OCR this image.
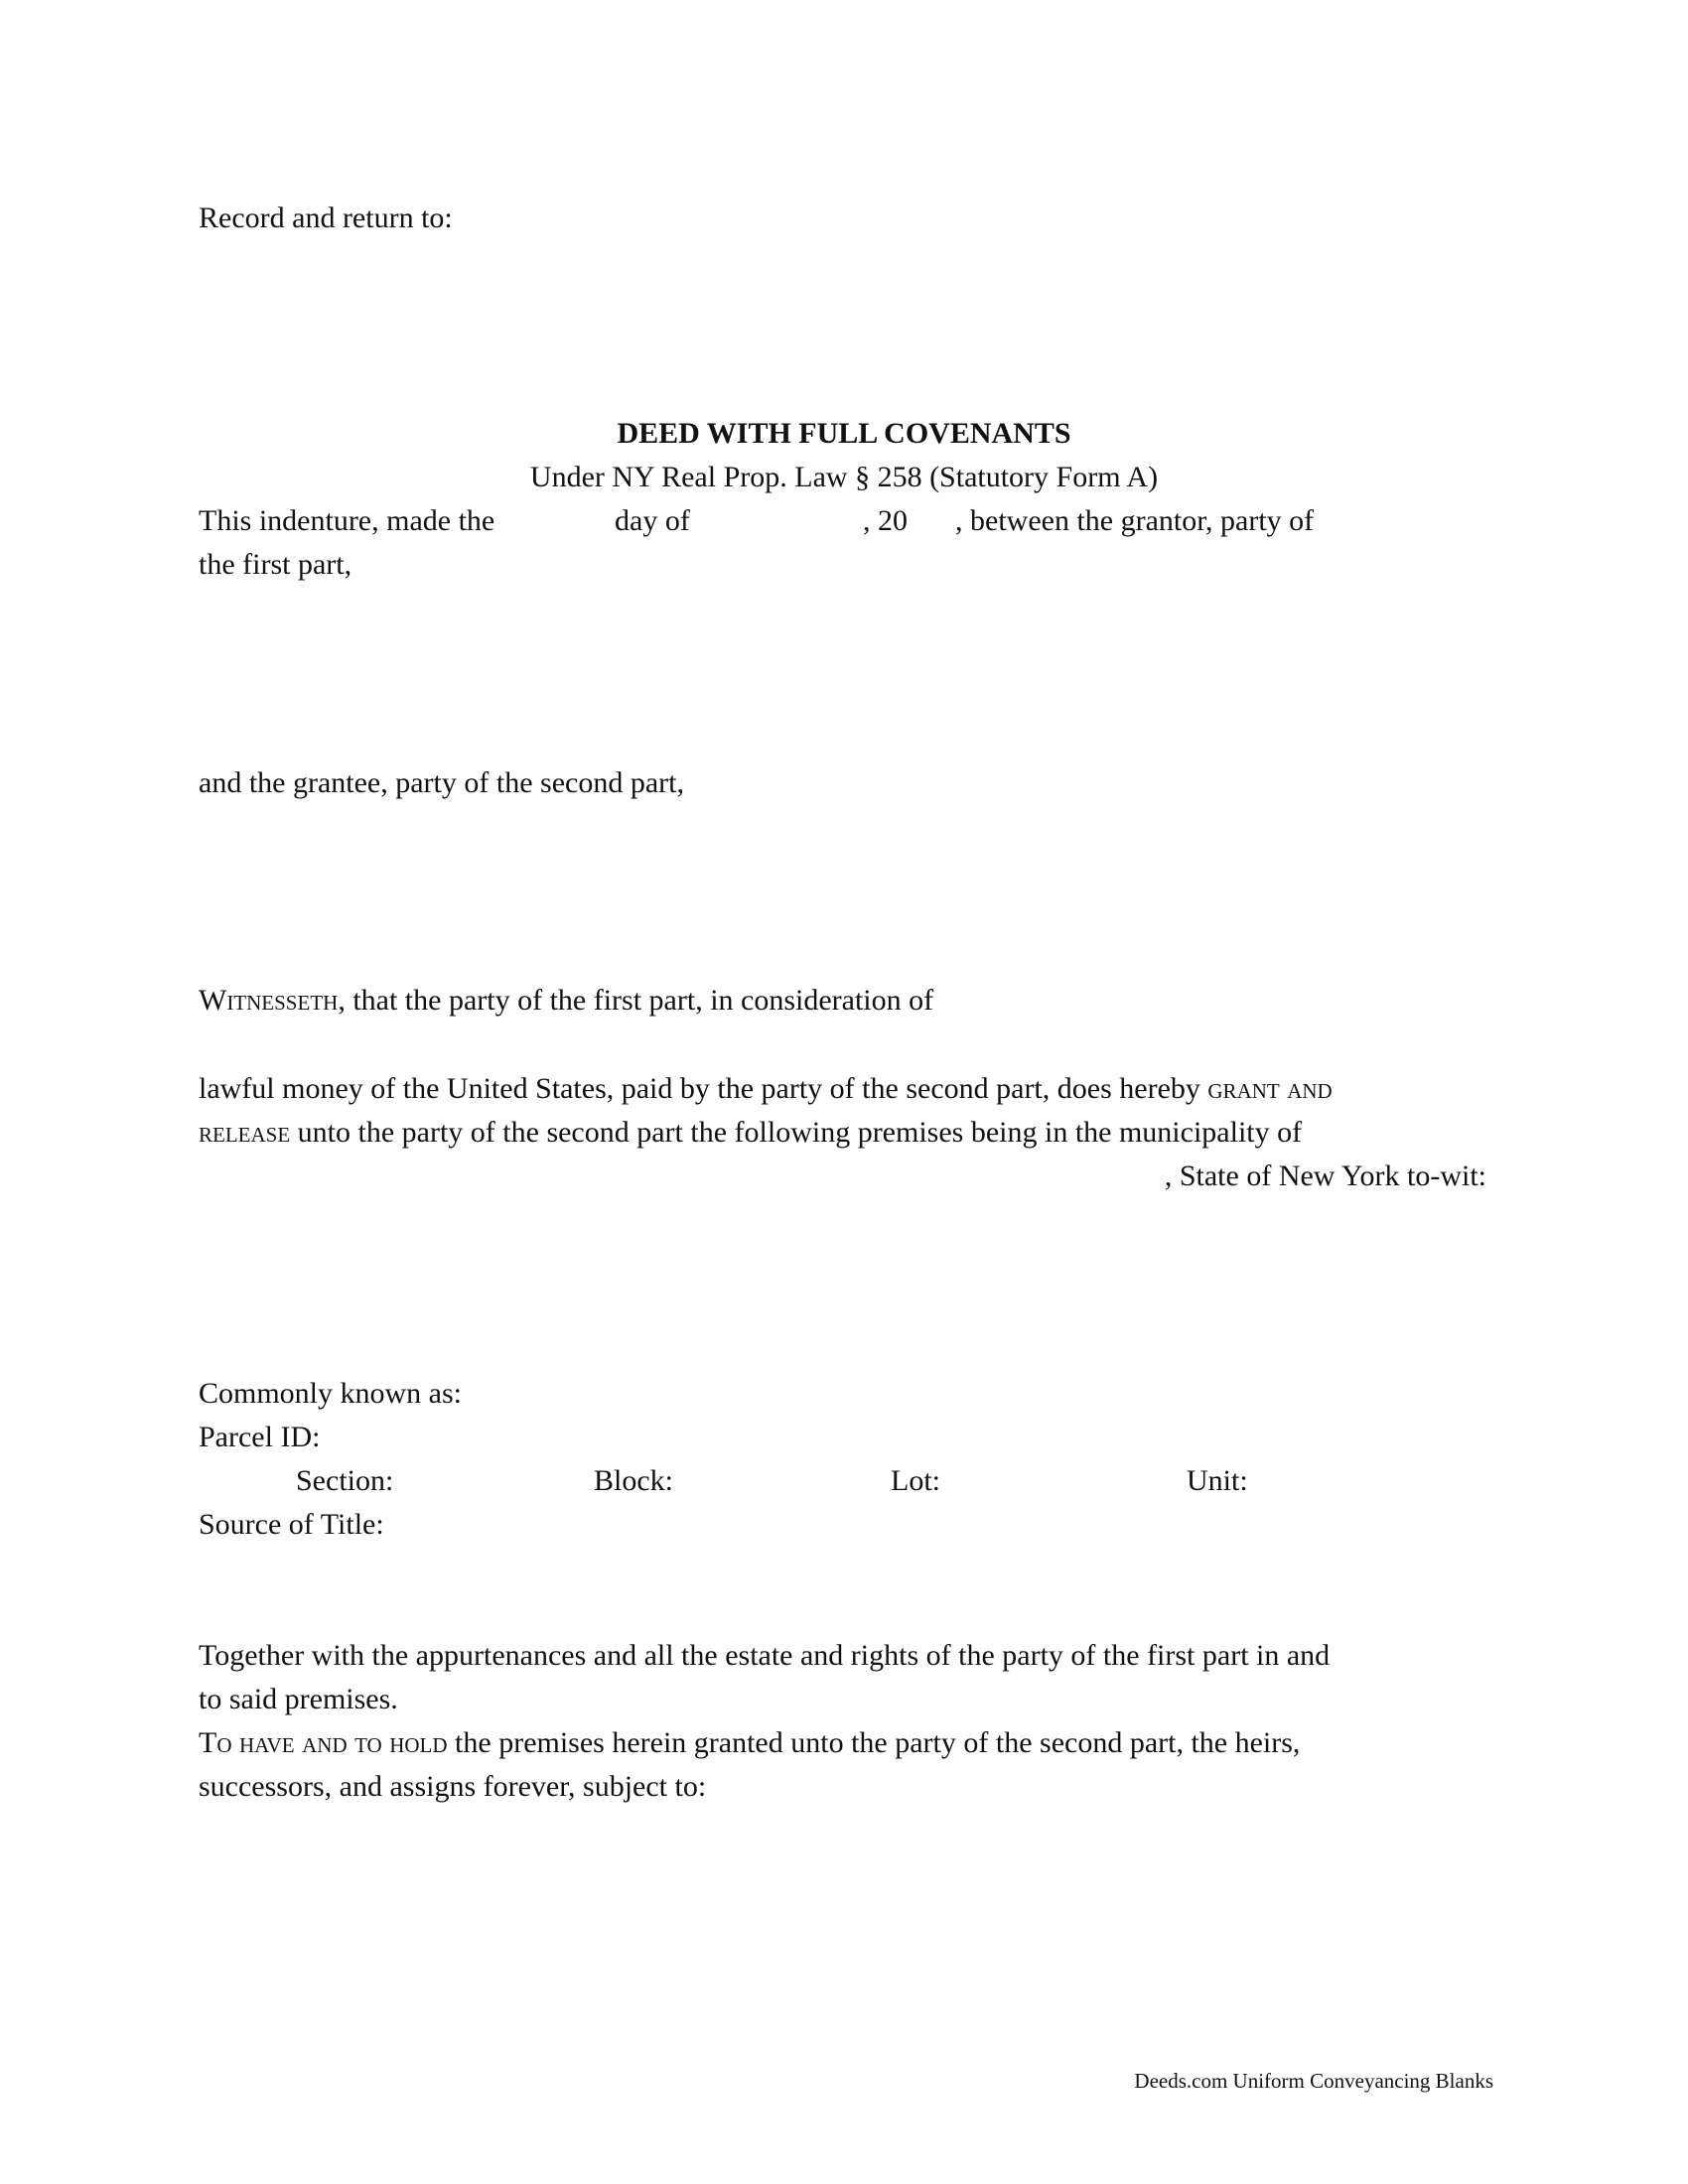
Record and return to:

DEED WITH FULL COVENANTS

Under NY Real Prop. Law § 258 (Statutory Form A)

This indenture, made the	day of	, 20 , between the grantor, party of

the first part,

and the grantee, party of the second part,

Witnesseth, that the party of the first part, in consideration of

lawful money of the United States, paid by the party of the second part, does hereby grant and

release unto the party of the second part the following premises being in the municipality of

, State of New York to-wit:

Commonly known as:

Parcel ID:

Section:	Block:	Lot:	Unit:

Source of Title:

Together with the appurtenances and all the estate and rights of the party of the first part in and

to said premises.

To have and to hold the premises herein granted unto the party of the second part, the heirs,

successors, and assigns forever, subject to:

Deeds.com Uniform Conveyancing Blanks
